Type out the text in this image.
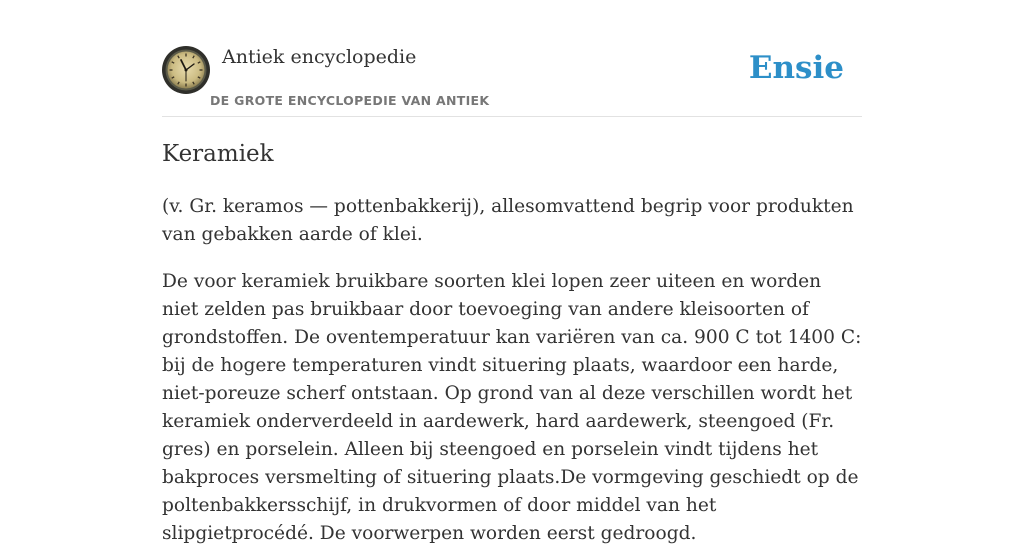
Antiek encyclopedie
DE GROTE ENCYCLOPEDIE VAN ANTIEK
Ensie
Keramiek

(v. Gr. keramos — pottenbakkerij), allesomvattend begrip voor produkten van gebakken aarde of klei.

De voor keramiek bruikbare soorten klei lopen zeer uiteen en worden niet zelden pas bruikbaar door toevoeging van andere kleisoorten of grondstoffen. De oventemperatuur kan variëren van ca. 900 C tot 1400 C: bij de hogere temperaturen vindt situering plaats, waardoor een harde, niet-poreuze scherf ontstaan. Op grond van al deze verschillen wordt het keramiek onderverdeeld in aardewerk, hard aardewerk, steengoed (Fr. gres) en porselein. Alleen bij steengoed en porselein vindt tijdens het bakproces versmelting of situering plaats.De vormgeving geschiedt op de poltenbakkersschijf, in drukvormen of door middel van het slipgietprocédé. De voorwerpen worden eerst gedroogd.
